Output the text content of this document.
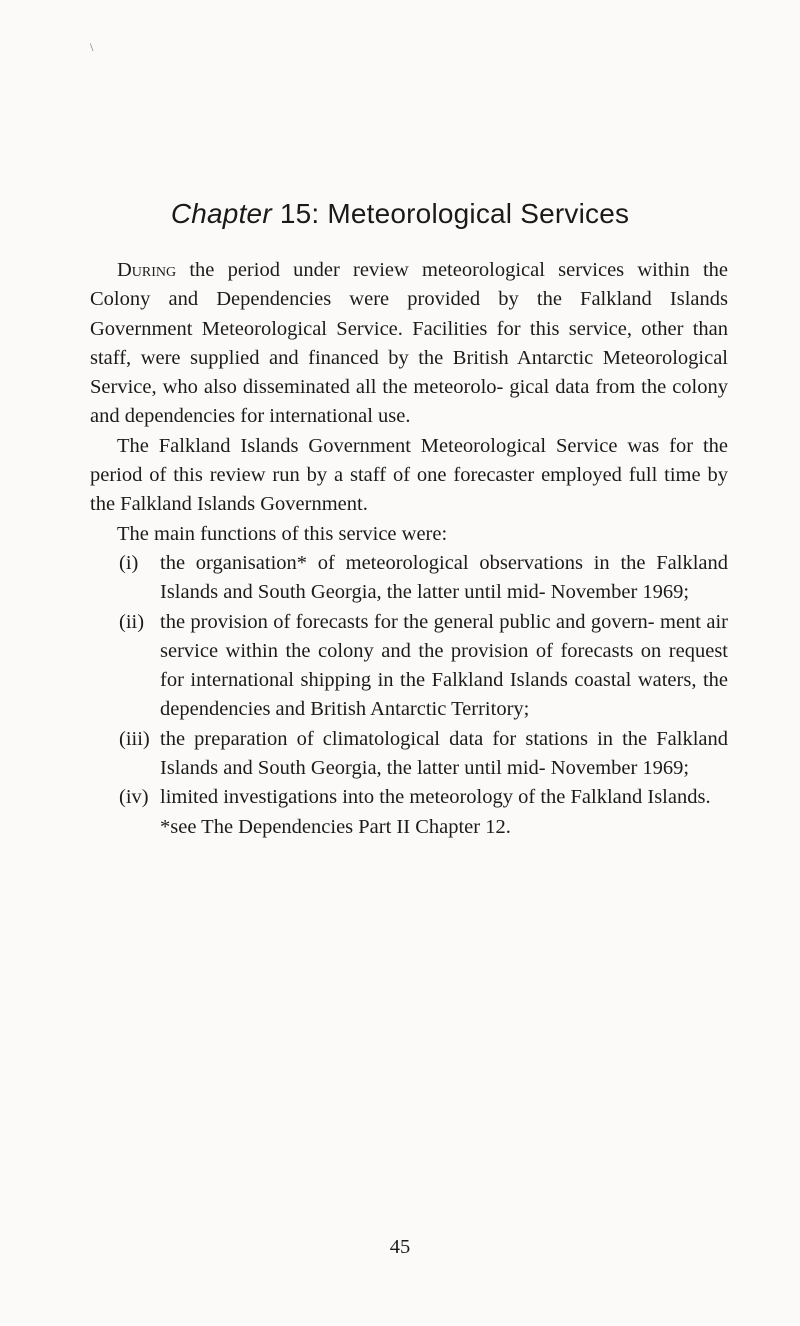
\
Chapter 15: Meteorological Services

During the period under review meteorological services within the Colony and Dependencies were provided by the Falkland Islands Government Meteorological Service. Facilities for this service, other than staff, were supplied and financed by the British Antarctic Meteorological Service, who also disseminated all the meteorolo- gical data from the colony and dependencies for international use.

The Falkland Islands Government Meteorological Service was for the period of this review run by a staff of one forecaster employed full time by the Falkland Islands Government.

The main functions of this service were:

(i) the organisation* of meteorological observations in the Falkland Islands and South Georgia, the latter until mid- November 1969;
(ii) the provision of forecasts for the general public and govern- ment air service within the colony and the provision of forecasts on request for international shipping in the Falkland Islands coastal waters, the dependencies and British Antarctic Territory;
(iii) the preparation of climatological data for stations in the Falkland Islands and South Georgia, the latter until mid- November 1969;
(iv) limited investigations into the meteorology of the Falkland Islands.

*see The Dependencies Part II Chapter 12.

45
